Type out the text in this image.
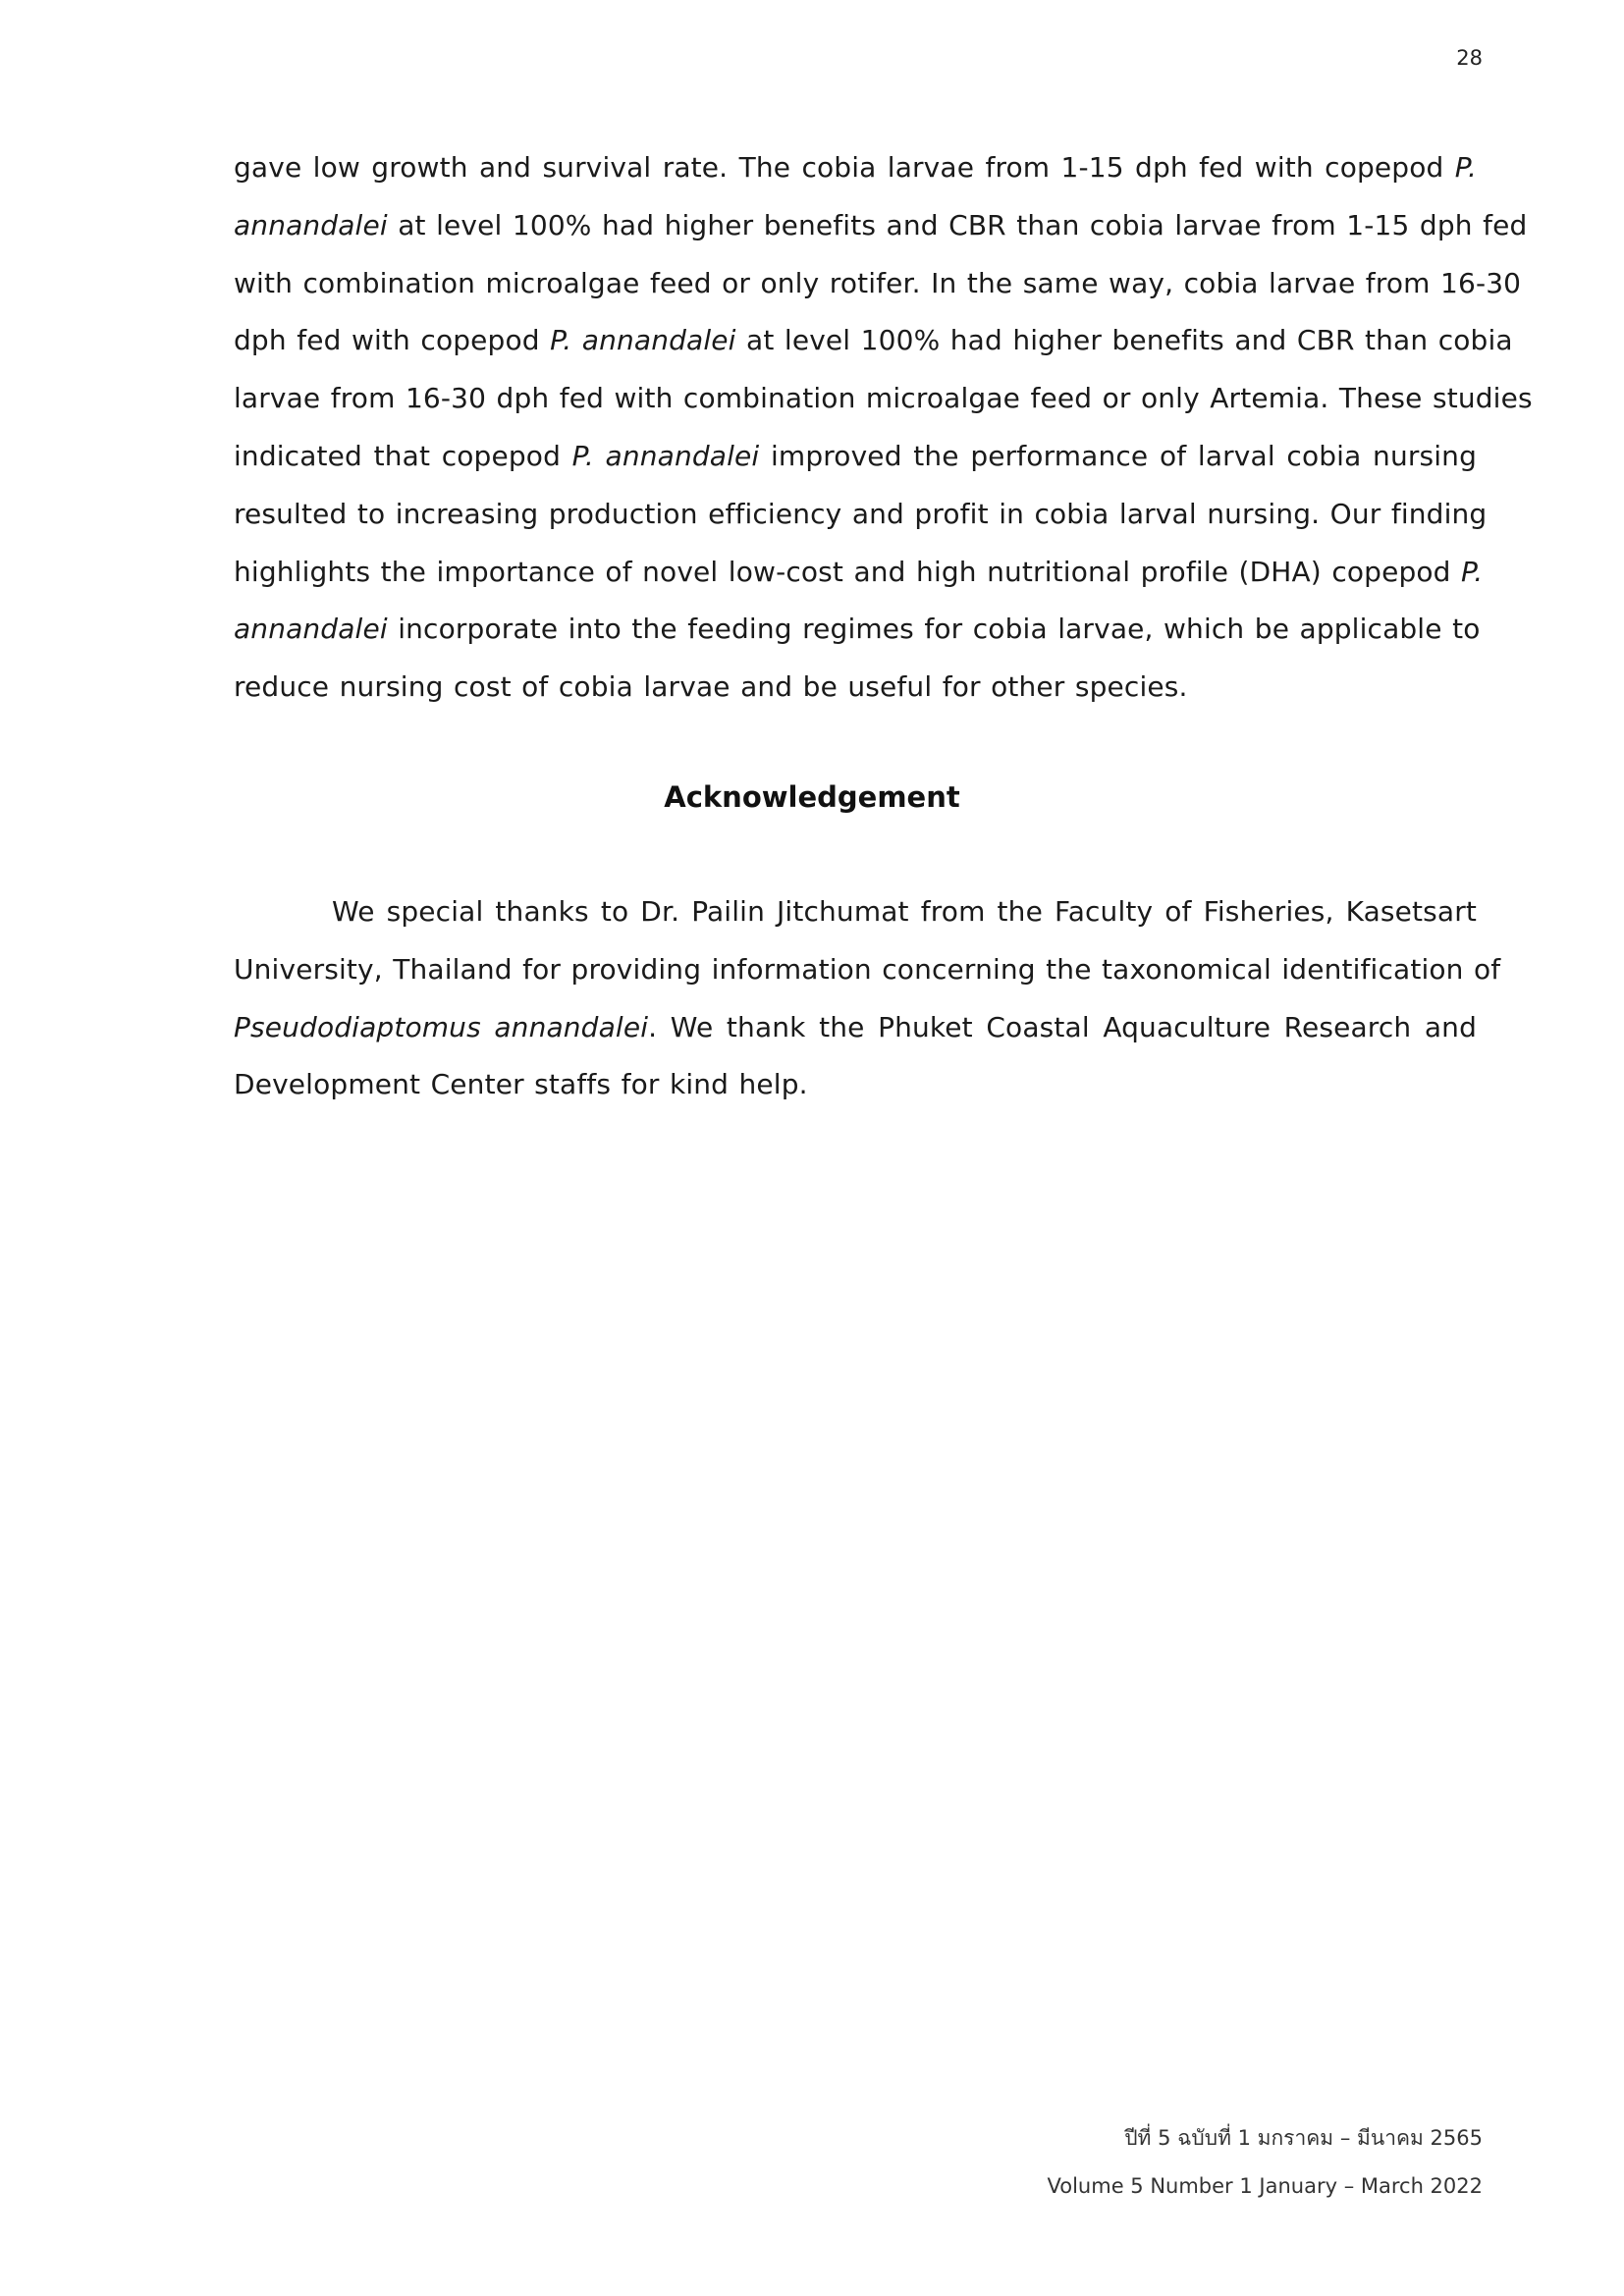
28
gave low growth and survival rate. The cobia larvae from 1-15 dph fed with copepod P.
annandalei at level 100% had higher benefits and CBR than cobia larvae from 1-15 dph fed
with combination microalgae feed or only rotifer. In the same way, cobia larvae from 16-30
dph fed with copepod P. annandalei at level 100% had higher benefits and CBR than cobia
larvae from 16-30 dph fed with combination microalgae feed or only Artemia. These studies
indicated that copepod P. annandalei improved the performance of larval cobia nursing
resulted to increasing production efficiency and profit in cobia larval nursing. Our finding
highlights the importance of novel low-cost and high nutritional profile (DHA) copepod P.
annandalei incorporate into the feeding regimes for cobia larvae, which be applicable to
reduce nursing cost of cobia larvae and be useful for other species.
Acknowledgement
We special thanks to Dr. Pailin Jitchumat from the Faculty of Fisheries, Kasetsart
University, Thailand for providing information concerning the taxonomical identification of
Pseudodiaptomus annandalei. We thank the Phuket Coastal Aquaculture Research and
Development Center staffs for kind help.
ปีที่ 5 ฉบับที่ 1 มกราคม – มีนาคม 2565
Volume 5 Number 1 January – March 2022
